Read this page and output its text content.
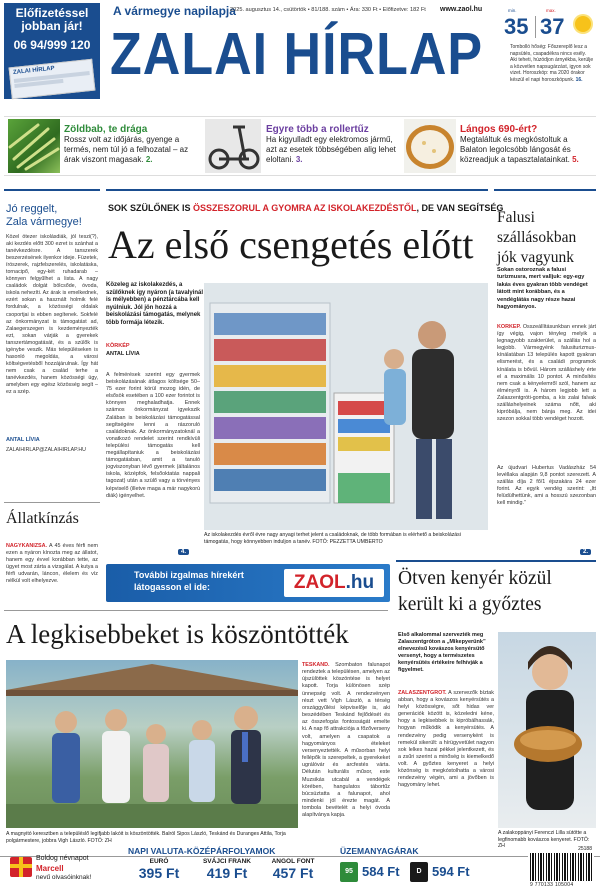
Előfizetéssel
jobban jár!
06 94/999 120
ZALAI HÍRLAP
A vármegye napilapja
2025. augusztus 14., csütörtök • 81/188. szám • Ára: 330 Ft • Előfizetve: 182 Ft www.zaol.hu
ZALAI HÍRLAP
min.	max.
35 37
Tombolló hőség: Főszereplő lesz a napsütés, csapadékra nincs esély. Aki teheti, húzódjon árnyékba, kerülje a közvetlen napsugárzást, igyon sok vizet. Horoszkóp: ma 2020 órakor készül el napi horoszkópunk. 16.
Zöldbab, te drága
Rossz volt az időjárás, gyenge a termés, nem túl jó a felhozatal – az árak viszont magasak. 2.
Egyre több a rollertűz
Ha kigyulladt egy elektromos jármű, azt az esetek többségében alig lehet eloltani. 3.
Lángos 690-ért?
Megtaláltuk és megkóstoltuk a Balaton legolcsóbb lángosát és közreadjuk a tapasztalatainkat. 5.
Jó reggelt,
Zala vármegye!
Közel ötezer iskolásdiák, jól teszi(?), aki kezdés előtt 300 ezret is szánhat a tanévkezdésre. A tanszerek beszerzésének ilyenkor ideje. Füzetek, írószerek, rajzfelszerelés, iskolatáska, tornacipő, egy-két ruhadarab – könnyen felgyűlhet a lista. A nagy családok dolgát bölcsőde, óvoda, iskola nehezíti. Az árak is emelkednek, ezért sokan a használt holmik felé fordulnak, a közösségi oldalak csoportjai is ebben segítenek. Sokfelé az önkormányzat is támogatást ad, Zalaegerszegen is kezdeményezték ezt, sokan várják a gyerekek tanszertámogatását, és a szülők is igénybe veszik. Más településeken is hasonló megoldás, a városi költségvetésből hozzájárulnak. Így hát nem csak a család terhe a tanévkezdés, hanem közösségi ügy, amelyben egy egész közösség segít – ez a szép.
ANTAL LÍVIA
ZALAIHIRLAP@ZALAIHIRLAP.HU
Állatkínzás
NAGYKANIZSA. A 45 éves férfi nem ezen a nyáron kínozta meg az állatot, hanem egy évvel korábban tette, az ügyet most zárta a vizsgálat. A kutya a férfi udvarán, láncon, élelem és víz nélkül volt elhelyezve.
SOK SZÜLŐNEK IS ÖSSZESZORUL A GYOMRA AZ ISKOLAKEZDÉSTŐL, DE VAN SEGÍTSÉG
Az első csengetés előtt
Közeleg az iskolakezdés, a szülőknek így nyáron (a tavalyinál is mélyebben) a pénztárcába kell nyúlniuk. Jól jön hozzá a beiskolázási támogatás, melynek több formája létezik.
KÖRKÉP
ANTAL LÍVIA
A felmérések szerint egy gyermek beiskolázásának átlagos költsége 50–75 ezer forint körül mozog idén, de elsősök esetében a 100 ezer forintot is könnyen meghaladhatja. Ennek számos önkormányzat igyekszik Zalában is beiskolázási támogatással segítségére lenni a rászoruló családoknak. Az önkormányzatoknál a vonatkozó rendelet szerint rendkívüli települési támogatás kell megállapítaniuk a beiskolázási támogatásban, amit a tanuló jogviszonyban lévő gyermek (általános iskola, középfok, felsőoktatás nappali tagozat) után a szülő vagy a törvényes képviselő (illetve maga a már nagykorú diák) igényelhet.
4.
Az iskolakezdés évről évre nagy anyagi terhet jelent a családoknak, de több formában is elérhető a beiskolázási támogatás, hogy könnyebben induljon a tanév. FOTÓ: PEZZETTA UMBERTO
Falusi szállásokban jók vagyunk
Sokan ostoroznak a falusi turizmusra, mert valljuk: egy-egy lakás éves gyakran több vendéget látott mint korábban, és a vendéglátás nagy része hazai hagyományos.
KÖRKÉP. Összeállításunkban ennek járt így végig, vajon tényleg melyik a legnagyobb szakterület, a szállás hol a legjobb. Vármegyénk falusiturizmus-kínálatában 13 település kapott gyakran elismerést, és a családi programok kínálata is bővül. Három szálláshely érte el a maximális 10 pontot. A minősítés nem csak a kényelemről szól, hanem az élményről is. A három legjobb lett a Zalaszentgróti-gomba, a kis zalai falvak szálláshelyeinek száma nőtt, aki kipróbálja, nem bánja meg. Az idei szezon sokkal több vendéget hozott.
Az újudvari Hubertus Vadászház 54 levéllaka alapján 9,8 pontot szerezett. A szállás díja 2 fő/1 éjszakára 24 ezer forint. Az egyik vendég szerint: „Itt felüdülhettünk, ami a hosszú szezonban kell mindig.”
2.
További izgalmas hírekért
látogasson el ide:	ZAOL.hu
A legkisebbeket is köszöntötték
A magnyitó keresztben a településlő legifjabb lakóit is köszöntötték. Balról Sipos László, Teskánd és Duranges Attila, Torja polgármestere, jobbra Vigh László. FOTÓ: ZH
TESKÁND. Szombaton falunapot rendeztek a településen, amelyen az újszülöttek köszöntése is helyet kapott. Torja különösen szép ünnepség volt. A rendezvényen részt vett Vigh László, a térség országgyűlési képviselője is, aki beszédében Teskánd fejlődését és az összefogás fontosságát emelte ki. A nap fő attrakciója a főzőverseny volt, amelyen a csapatok a hagyományos ételeket versenyeztették. A műsorban helyi fellépők is szerepeltek, a gyerekeket ugrálóvár és arcfestés várta. Délután kulturális műsor, este Muzsikás utcabál a vendégek körében, hangulatos tábortűz búcsúztatta a falunapot, ahol mindenki jól érezte magát. A tombola bevételét a helyi óvoda alapítványa kapja.
Ötven kenyér közül került ki a győztes
Első alkalommal szervezték meg Zalaszentgróton a „Mikepyerünk” elnevezésű kovászos kenyérsütő versenyt, hogy a természetes kenyérsütés értékeire felhívják a figyelmet.
ZALASZENTGRÓT. A szervezők bíztak abban, hogy a kovászos kenyérsütés a helyi közösségre, sőt hidas ver generációk között is, közeledni kéne, hogy a legkisebbek is kipróbálhassák, hogyan működik a kenyérsütés. A rendezvény pedig versenyként is remekül sikerült: a hírügyvetület nagyon sok lelkes hazai pékkel jelentkezett, és a zsűri szerint a minőség is kiemelkedő volt. A győztes kenyeret a helyi közönség is megkóstolhatta a városi rendezvény végén, ami a jövőben is hagyomány lehet.
A zalakoppányi Ferenczi Lilla sütötte a legfinomabb kovászos kenyeret. FOTÓ: ZH
Boldog névnapot
Marcell
nevű olvasóinknak!
NAPI VALUTA-KÖZÉPÁRFOLYAMOK
EURÓ
395 Ft
SVÁJCI FRANK
419 Ft
ANGOL FONT
457 Ft
ÜZEMANYAGÁRAK
95 584 Ft	D 594 Ft
25188
9 770133 105004
